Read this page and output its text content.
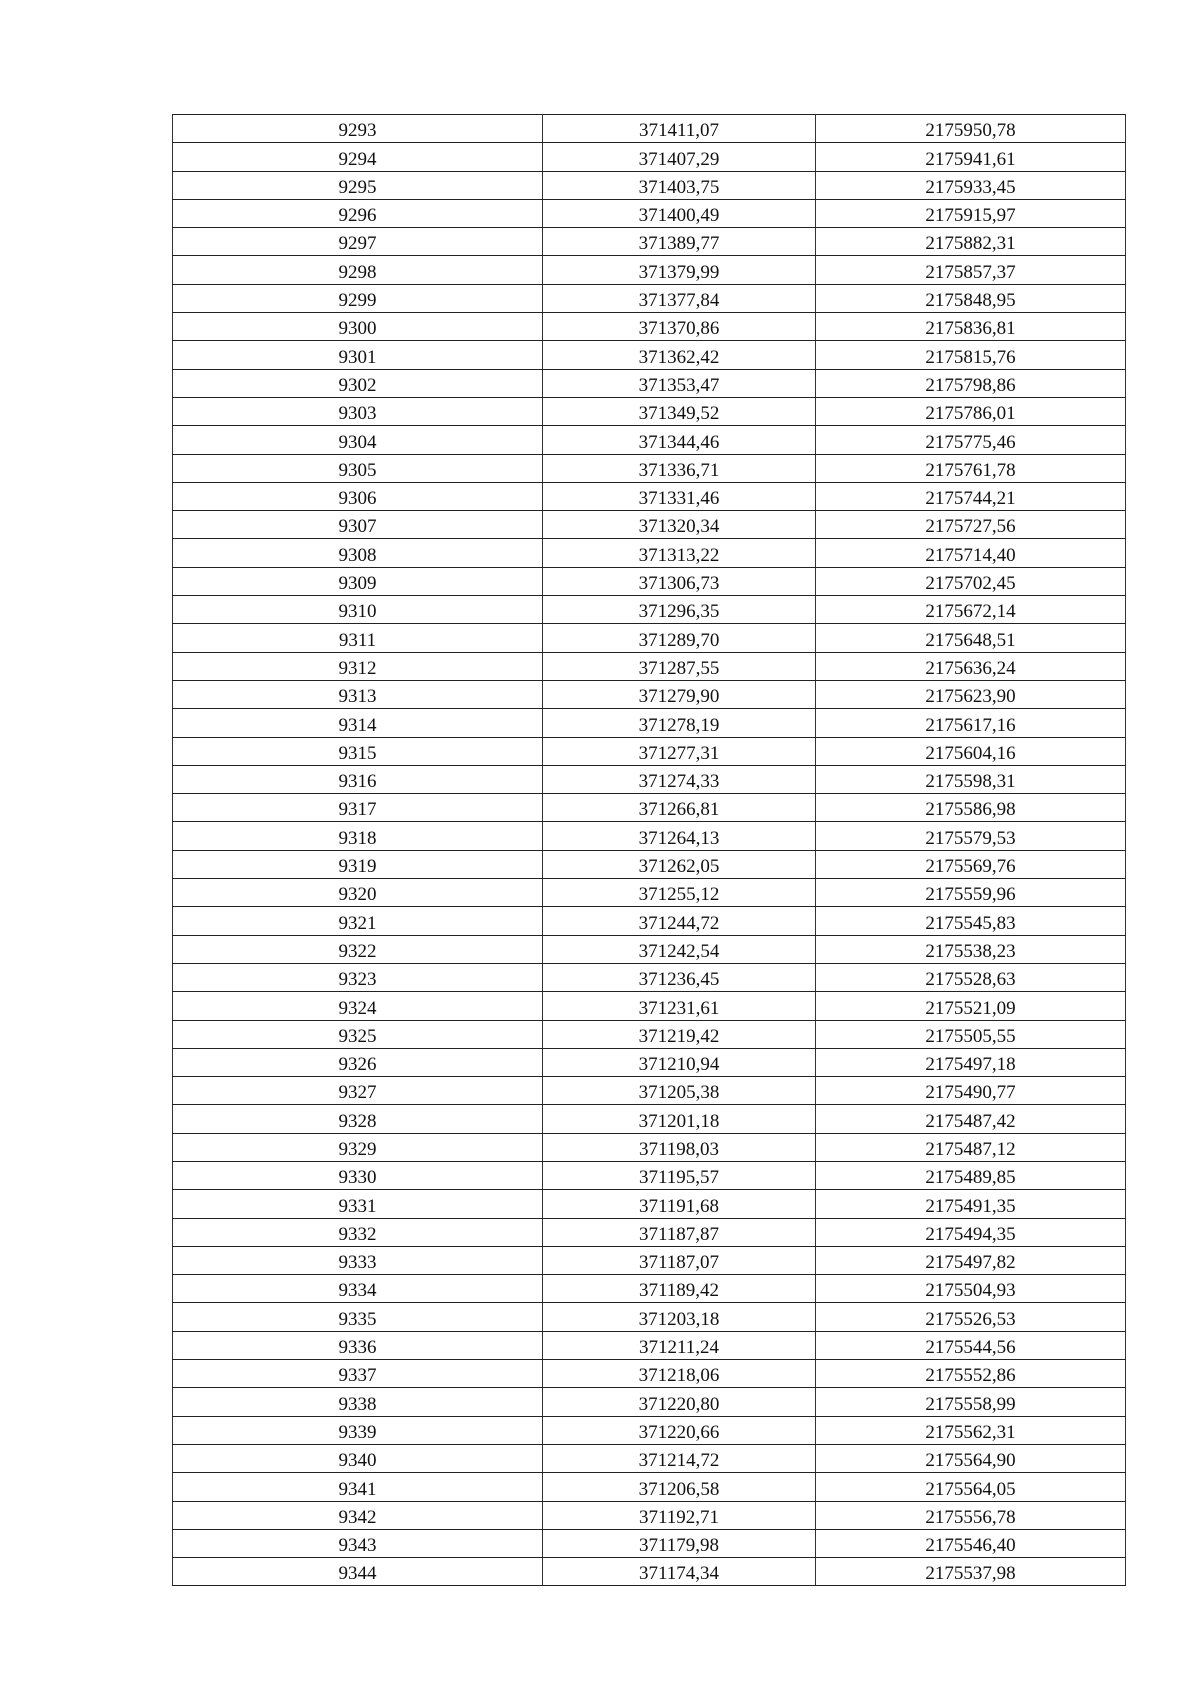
9293	371411,07	2175950,78
9294	371407,29	2175941,61
9295	371403,75	2175933,45
9296	371400,49	2175915,97
9297	371389,77	2175882,31
9298	371379,99	2175857,37
9299	371377,84	2175848,95
9300	371370,86	2175836,81
9301	371362,42	2175815,76
9302	371353,47	2175798,86
9303	371349,52	2175786,01
9304	371344,46	2175775,46
9305	371336,71	2175761,78
9306	371331,46	2175744,21
9307	371320,34	2175727,56
9308	371313,22	2175714,40
9309	371306,73	2175702,45
9310	371296,35	2175672,14
9311	371289,70	2175648,51
9312	371287,55	2175636,24
9313	371279,90	2175623,90
9314	371278,19	2175617,16
9315	371277,31	2175604,16
9316	371274,33	2175598,31
9317	371266,81	2175586,98
9318	371264,13	2175579,53
9319	371262,05	2175569,76
9320	371255,12	2175559,96
9321	371244,72	2175545,83
9322	371242,54	2175538,23
9323	371236,45	2175528,63
9324	371231,61	2175521,09
9325	371219,42	2175505,55
9326	371210,94	2175497,18
9327	371205,38	2175490,77
9328	371201,18	2175487,42
9329	371198,03	2175487,12
9330	371195,57	2175489,85
9331	371191,68	2175491,35
9332	371187,87	2175494,35
9333	371187,07	2175497,82
9334	371189,42	2175504,93
9335	371203,18	2175526,53
9336	371211,24	2175544,56
9337	371218,06	2175552,86
9338	371220,80	2175558,99
9339	371220,66	2175562,31
9340	371214,72	2175564,90
9341	371206,58	2175564,05
9342	371192,71	2175556,78
9343	371179,98	2175546,40
9344	371174,34	2175537,98
